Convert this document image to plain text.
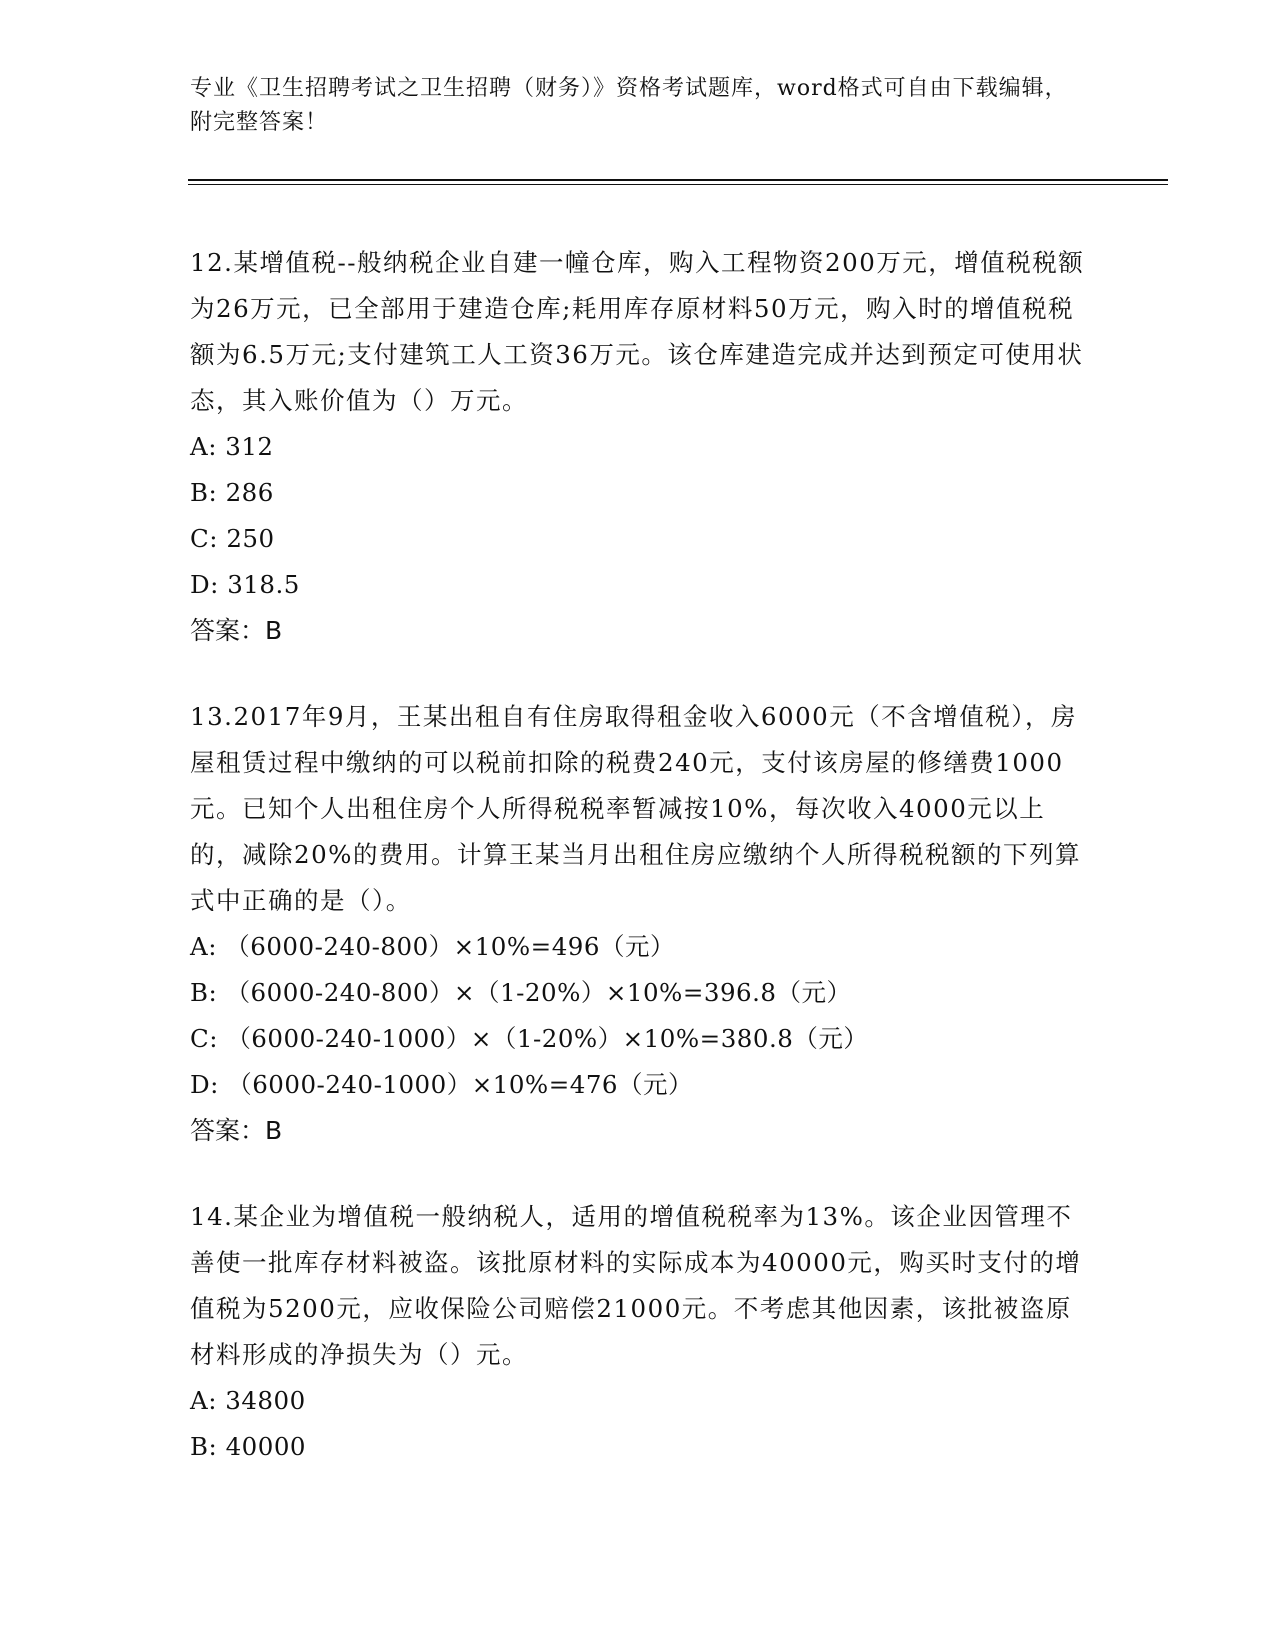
专业《卫生招聘考试之卫生招聘（财务）》资格考试题库，word格式可自由下载编辑，附完整答案！

12.某增值税--般纳税企业自建一幢仓库，购入工程物资200万元，增值税税额为26万元，已全部用于建造仓库;耗用库存原材料50万元，购入时的增值税税额为6.5万元;支付建筑工人工资36万元。该仓库建造完成并达到预定可使用状态，其入账价值为（）万元。

A: 312

B: 286

C: 250

D: 318.5

答案：B

13.2017年9月，王某出租自有住房取得租金收入6000元（不含增值税），房屋租赁过程中缴纳的可以税前扣除的税费240元，支付该房屋的修缮费1000元。已知个人出租住房个人所得税税率暂减按10%，每次收入4000元以上的，减除20%的费用。计算王某当月出租住房应缴纳个人所得税税额的下列算式中正确的是（）。

A: （6000-240-800）×10%=496（元）

B: （6000-240-800）×（1-20%）×10%=396.8（元）

C: （6000-240-1000）×（1-20%）×10%=380.8（元）

D: （6000-240-1000）×10%=476（元）

答案：B

14.某企业为增值税一般纳税人，适用的增值税税率为13%。该企业因管理不善使一批库存材料被盗。该批原材料的实际成本为40000元，购买时支付的增值税为5200元，应收保险公司赔偿21000元。不考虑其他因素，该批被盗原材料形成的净损失为（）元。

A: 34800

B: 40000
